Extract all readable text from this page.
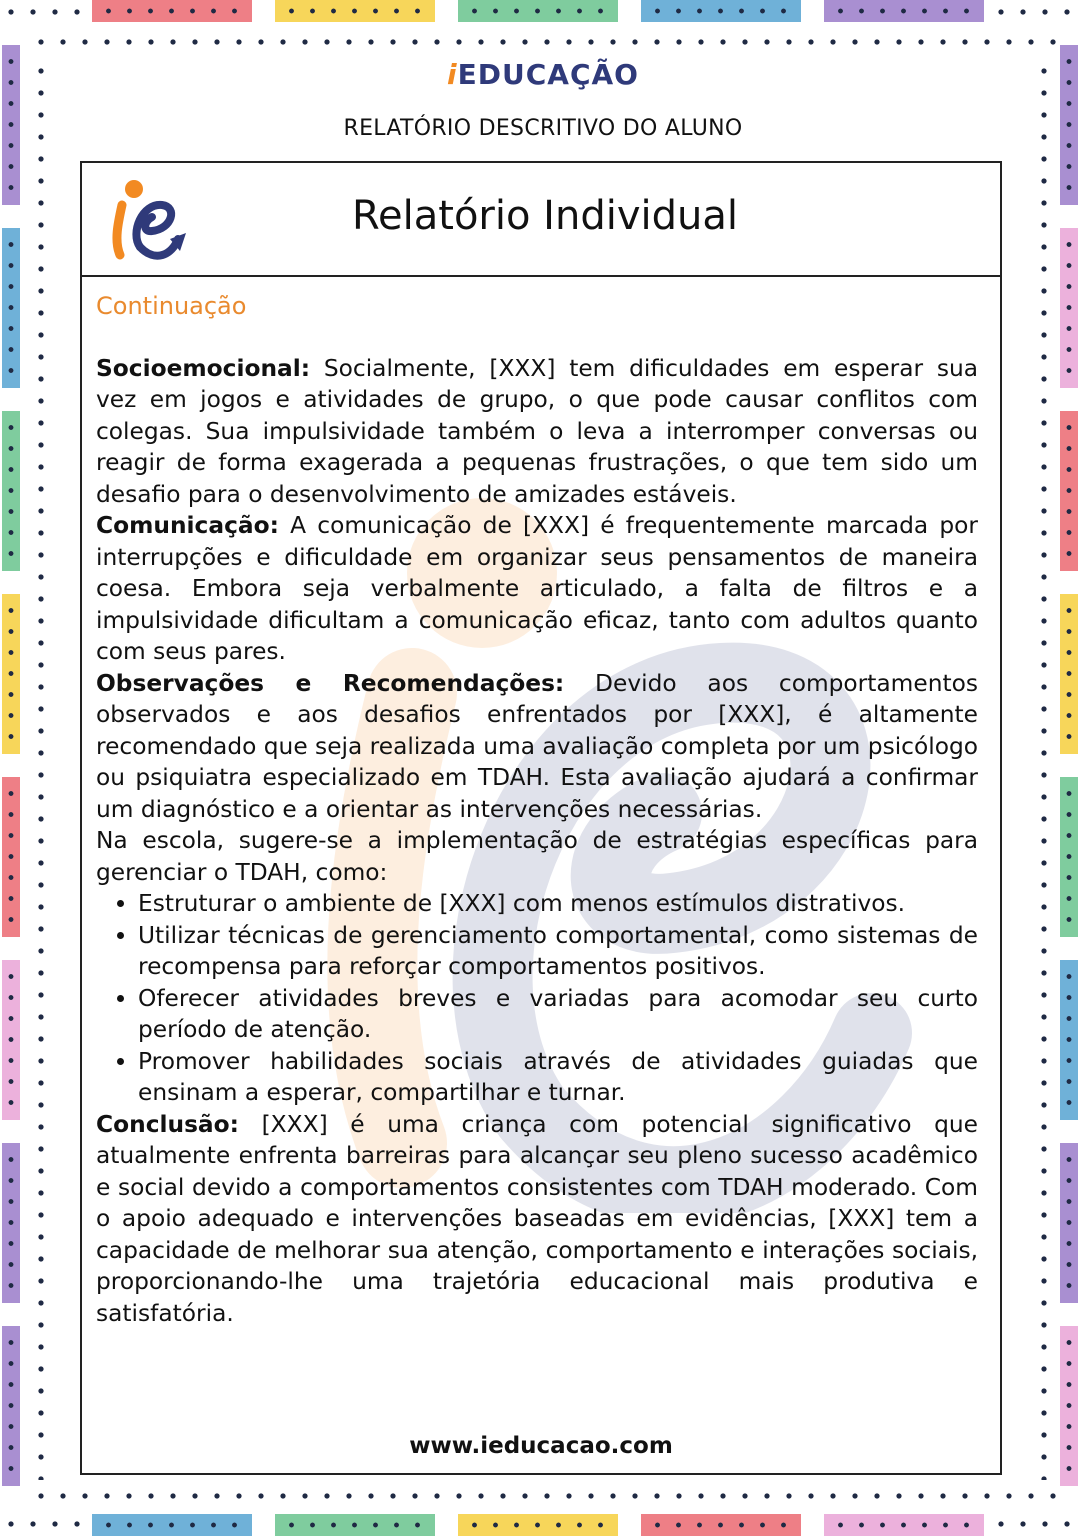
iEDUCAÇÃO
RELATÓRIO DESCRITIVO DO ALUNO
Relatório Individual
Continuação

Socioemocional: Socialmente, [XXX] tem dificuldades em esperar sua vez em jogos e atividades de grupo, o que pode causar conflitos com colegas. Sua impulsividade também o leva a interromper conversas ou reagir de forma exagerada a pequenas frustrações, o que tem sido um desafio para o desenvolvimento de amizades estáveis.

Comunicação: A comunicação de [XXX] é frequentemente marcada por interrupções e dificuldade em organizar seus pensamentos de maneira coesa. Embora seja verbalmente articulado, a falta de filtros e a impulsividade dificultam a comunicação eficaz, tanto com adultos quanto com seus pares.

Observações e Recomendações: Devido aos comportamentos observados e aos desafios enfrentados por [XXX], é altamente recomendado que seja realizada uma avaliação completa por um psicólogo ou psiquiatra especializado em TDAH. Esta avaliação ajudará a confirmar um diagnóstico e a orientar as intervenções necessárias.

Na escola, sugere-se a implementação de estratégias específicas para gerenciar o TDAH, como:

• Estruturar o ambiente de [XXX] com menos estímulos distrativos.
• Utilizar técnicas de gerenciamento comportamental, como sistemas de recompensa para reforçar comportamentos positivos.
• Oferecer atividades breves e variadas para acomodar seu curto período de atenção.
• Promover habilidades sociais através de atividades guiadas que ensinam a esperar, compartilhar e turnar.

Conclusão: [XXX] é uma criança com potencial significativo que atualmente enfrenta barreiras para alcançar seu pleno sucesso acadêmico e social devido a comportamentos consistentes com TDAH moderado. Com o apoio adequado e intervenções baseadas em evidências, [XXX] tem a capacidade de melhorar sua atenção, comportamento e interações sociais, proporcionando-lhe uma trajetória educacional mais produtiva e satisfatória.

www.ieducacao.com
